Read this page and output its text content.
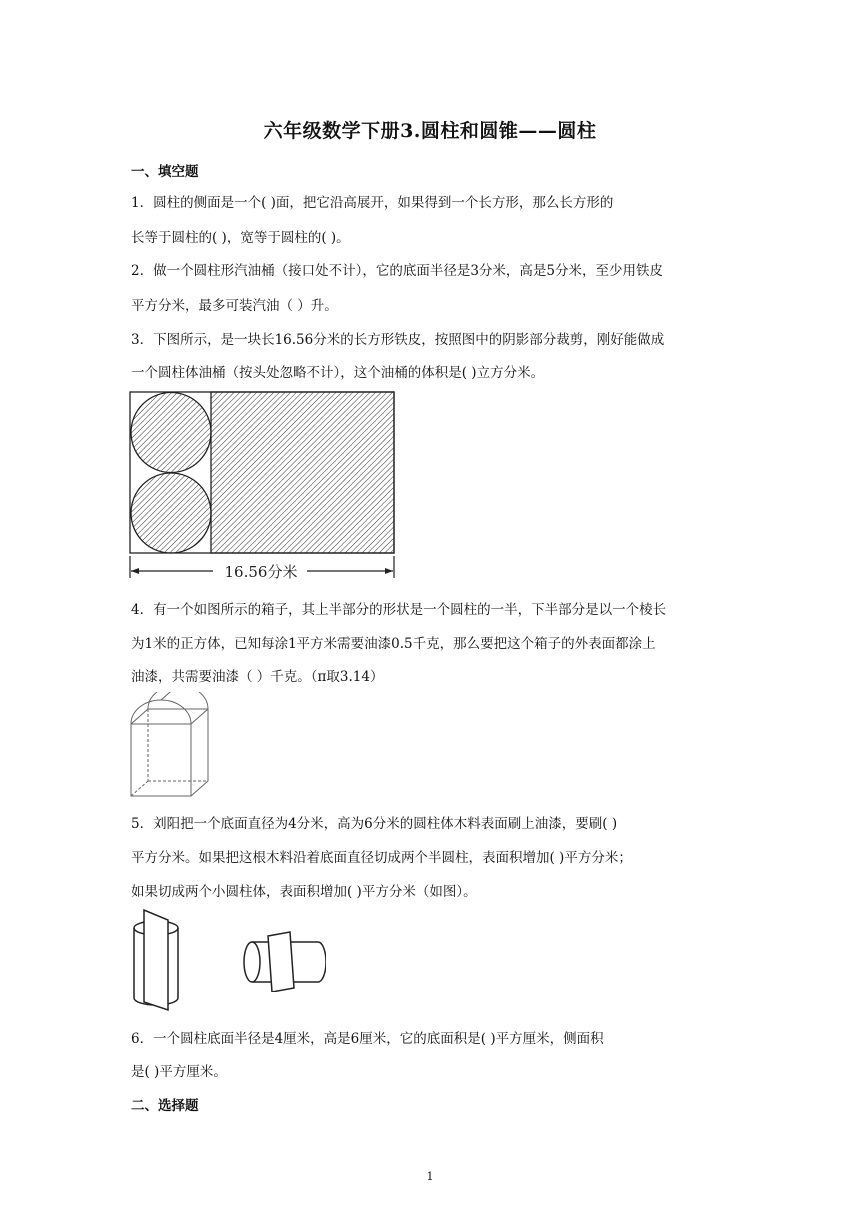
六年级数学下册3.圆柱和圆锥——圆柱
一、填空题
1．圆柱的侧面是一个( )面，把它沿高展开，如果得到一个长方形，那么长方形的
长等于圆柱的( )，宽等于圆柱的( )。
2．做一个圆柱形汽油桶（接口处不计），它的底面半径是3分米，高是5分米，至少用铁皮
平方分米，最多可装汽油（ ）升。
3．下图所示，是一块长16.56分米的长方形铁皮，按照图中的阴影部分裁剪，刚好能做成
一个圆柱体油桶（按头处忽略不计），这个油桶的体积是( )立方分米。
16.56分米
4．有一个如图所示的箱子，其上半部分的形状是一个圆柱的一半，下半部分是以一个棱长
为1米的正方体，已知每涂1平方米需要油漆0.5千克，那么要把这个箱子的外表面都涂上
油漆，共需要油漆（ ）千克。（π取3.14）
5．刘阳把一个底面直径为4分米，高为6分米的圆柱体木料表面刷上油漆，要刷( )
平方分米。如果把这根木料沿着底面直径切成两个半圆柱，表面积增加( )平方分米；
如果切成两个小圆柱体，表面积增加( )平方分米（如图）。
6．一个圆柱底面半径是4厘米，高是6厘米，它的底面积是( )平方厘米，侧面积
是( )平方厘米。
二、选择题
1
